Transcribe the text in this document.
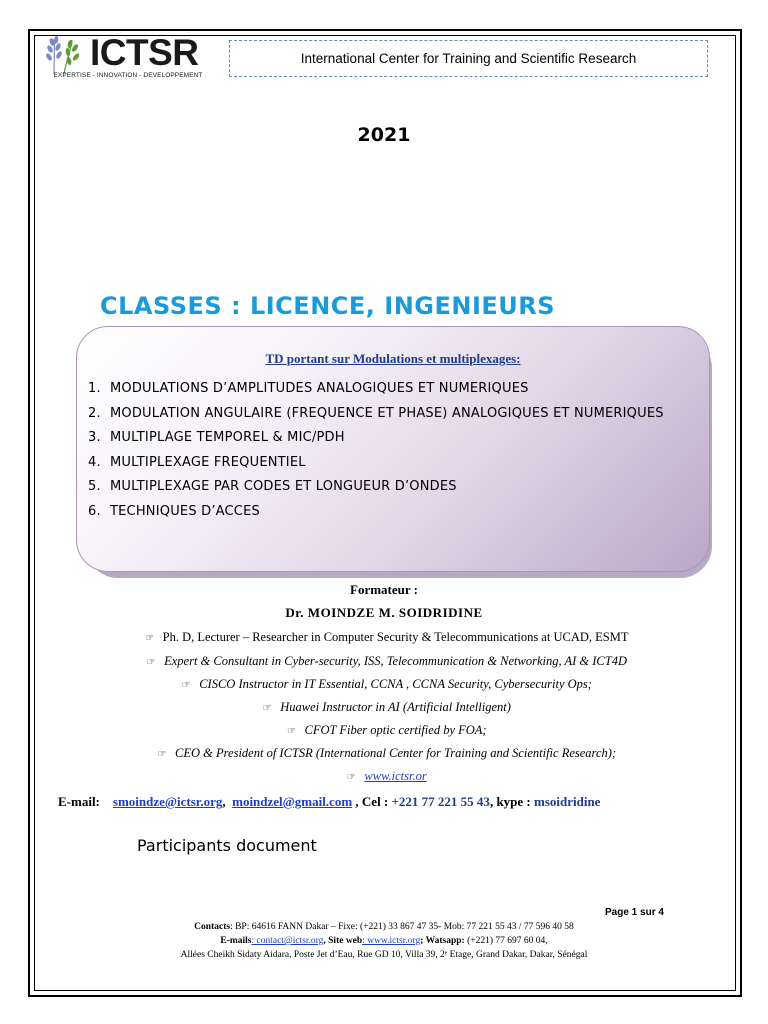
ICTSR
EXPERTISE - INNOVATION - DEVELOPPEMENT
International Center for Training and Scientific Research
2021
CLASSES : LICENCE, INGENIEURS
TD portant sur Modulations et multiplexages:
1. MODULATIONS D’AMPLITUDES ANALOGIQUES ET NUMERIQUES
2. MODULATION ANGULAIRE (FREQUENCE ET PHASE) ANALOGIQUES ET NUMERIQUES
3. MULTIPLAGE TEMPOREL & MIC/PDH
4. MULTIPLEXAGE FREQUENTIEL
5. MULTIPLEXAGE PAR CODES ET LONGUEUR D’ONDES
6. TECHNIQUES D’ACCES
Formateur :
Dr. MOINDZE M. SOIDRIDINE
☞ Ph. D, Lecturer – Researcher in Computer Security & Telecommunications at UCAD, ESMT
☞ Expert & Consultant in Cyber-security, ISS, Telecommunication & Networking, AI & ICT4D
☞ CISCO Instructor in IT Essential, CCNA , CCNA Security, Cybersecurity Ops;
☞ Huawei Instructor in AI (Artificial Intelligent)
☞ CFOT Fiber optic certified by FOA;
☞ CEO & President of ICTSR (International Center for Training and Scientific Research);
☞ www.ictsr.or
E-mail: smoindze@ictsr.org,  moindzel@gmail.com , Cel : +221 77 221 55 43, kype : msoidridine
Participants document
Page 1 sur 4
Contacts: BP: 64616 FANN Dakar – Fixe: (+221) 33 867 47 35- Mob: 77 221 55 43 / 77 596 40 58
E-mails: contact@ictsr.org, Site web: www.ictsr.org; Watsapp: (+221) 77 697 60 04,
Allées Cheikh Sidaty Aidara, Poste Jet d’Eau, Rue GD 10, Villa 39, 2ᵉ Etage, Grand Dakar, Dakar, Sénégal
